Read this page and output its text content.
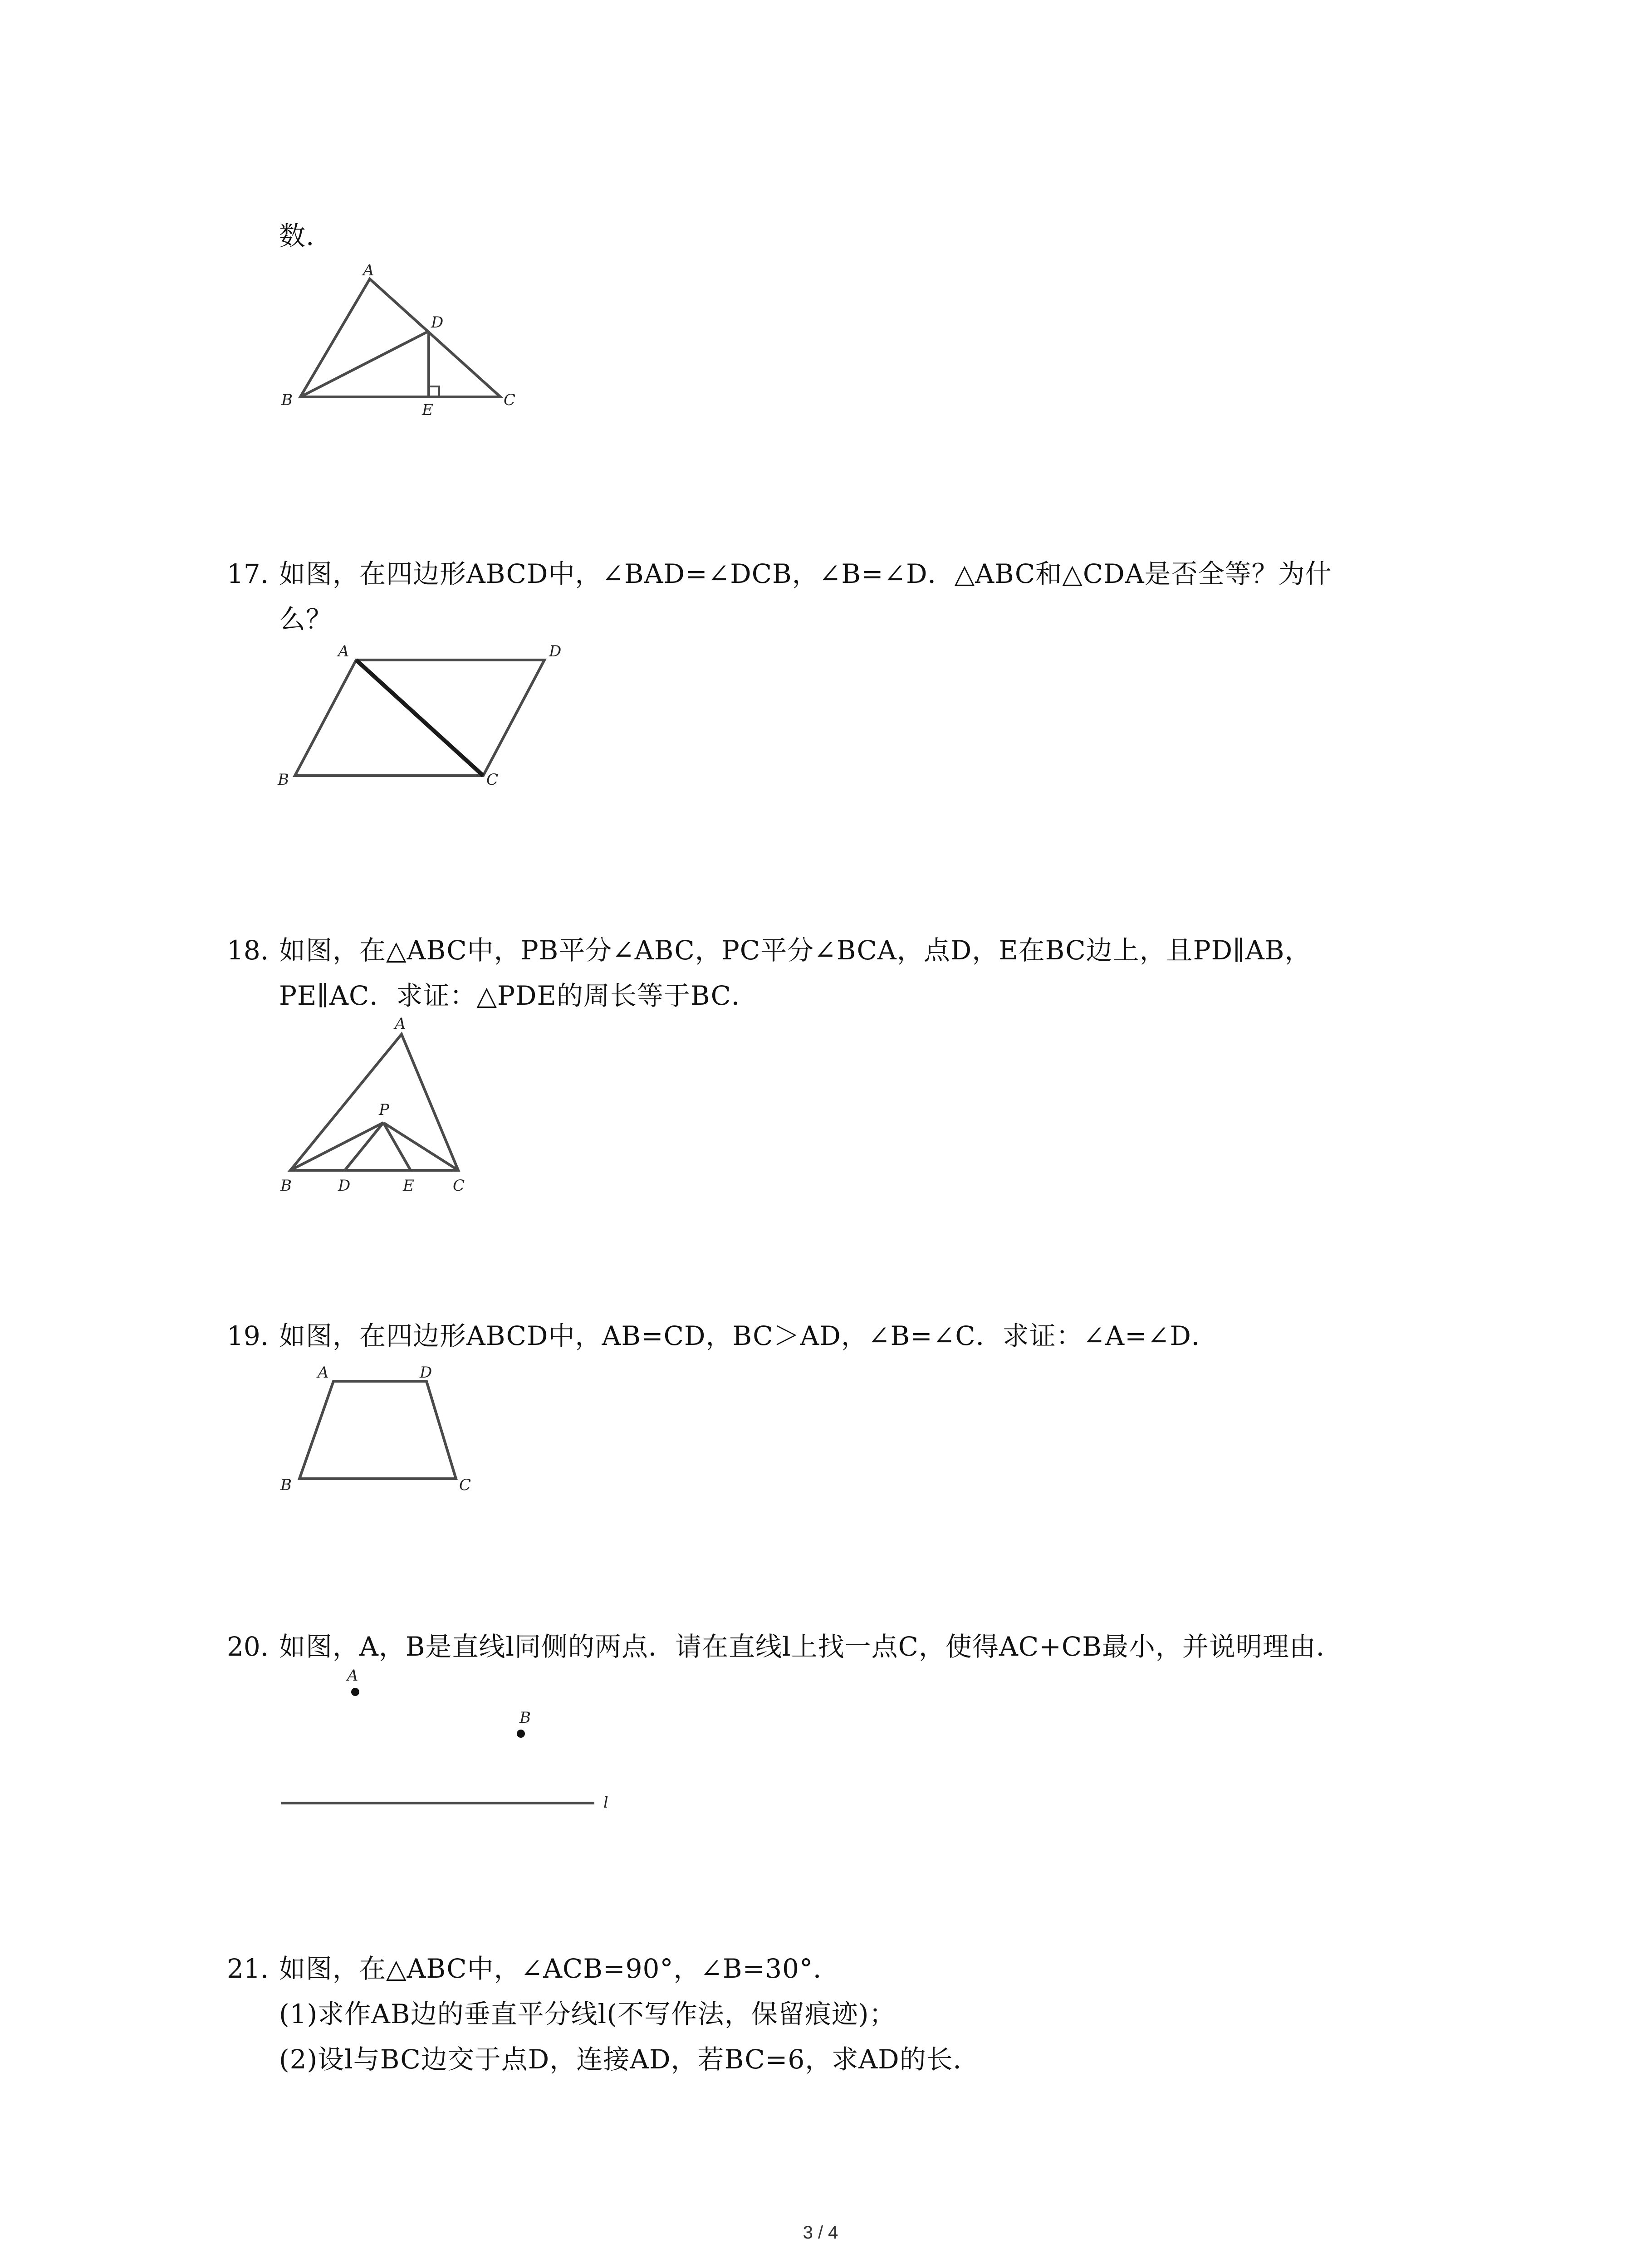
数.
A
B	C
D
E
17. 如图，在四边形ABCD中，∠BAD=∠DCB，∠B=∠D．△ABC和△CDA是否全等？为什
么？
A	D
B	C
18. 如图，在△ABC中，PB平分∠ABC，PC平分∠BCA，点D，E在BC边上，且PD∥AB，
PE∥AC．求证：△PDE的周长等于BC．
A
P
B	D	E	C
19. 如图，在四边形ABCD中，AB=CD，BC＞AD，∠B=∠C．求证：∠A=∠D．
A	D
B	C
20. 如图，A，B是直线l同侧的两点．请在直线l上找一点C，使得AC+CB最小，并说明理由．
A
B
l
21. 如图，在△ABC中，∠ACB=90°，∠B=30°．
(1)求作AB边的垂直平分线l(不写作法，保留痕迹)；
(2)设l与BC边交于点D，连接AD，若BC=6，求AD的长．
3 / 4
